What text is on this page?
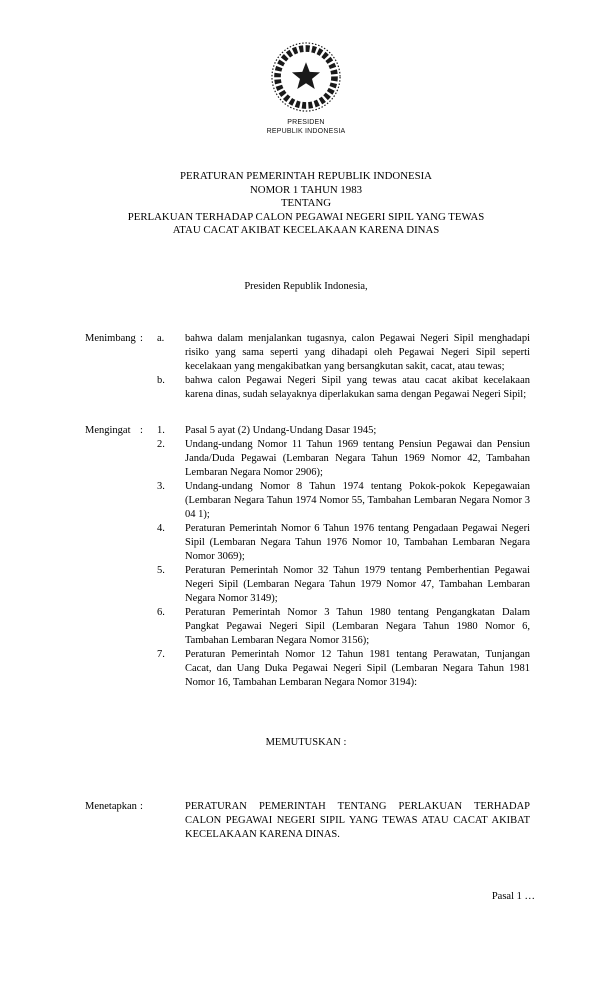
PRESIDEN
REPUBLIK INDONESIA
PERATURAN PEMERINTAH REPUBLIK INDONESIA
NOMOR 1 TAHUN 1983
TENTANG
PERLAKUAN TERHADAP CALON PEGAWAI NEGERI SIPIL YANG TEWAS
ATAU CACAT AKIBAT KECELAKAAN KARENA DINAS
Presiden Republik Indonesia,
Menimbang :	a.	bahwa dalam menjalankan tugasnya, calon Pegawai Negeri Sipil menghadapi risiko yang sama seperti yang dihadapi oleh Pegawai Negeri Sipil seperti kecelakaan yang mengakibatkan yang bersangkutan sakit, cacat, atau tewas;
b.	bahwa calon Pegawai Negeri Sipil yang tewas atau cacat akibat kecelakaan karena dinas, sudah selayaknya diperlakukan sama dengan Pegawai Negeri Sipil;
Mengingat :	1.	Pasal 5 ayat (2) Undang-Undang Dasar 1945;
2.	Undang-undang Nomor 11 Tahun 1969 tentang Pensiun Pegawai dan Pensiun Janda/Duda Pegawai (Lembaran Negara Tahun 1969 Nomor 42, Tambahan Lembaran Negara Nomor 2906);
3.	Undang-undang Nomor 8 Tahun 1974 tentang Pokok-pokok Kepegawaian (Lembaran Negara Tahun 1974 Nomor 55, Tambahan Lembaran Negara Nomor 3 04 1);
4.	Peraturan Pemerintah Nomor 6 Tahun 1976 tentang Pengadaan Pegawai Negeri Sipil (Lembaran Negara Tahun 1976 Nomor 10, Tambahan Lembaran Negara Nomor 3069);
5.	Peraturan Pemerintah Nomor 32 Tahun 1979 tentang Pemberhentian Pegawai Negeri Sipil (Lembaran Negara Tahun 1979 Nomor 47, Tambahan Lembaran Negara Nomor 3149);
6.	Peraturan Pemerintah Nomor 3 Tahun 1980 tentang Pengangkatan Dalam Pangkat Pegawai Negeri Sipil (Lembaran Negara Tahun 1980 Nomor 6, Tambahan Lembaran Negara Nomor 3156);
7.	Peraturan Pemerintah Nomor 12 Tahun 1981 tentang Perawatan, Tunjangan Cacat, dan Uang Duka Pegawai Negeri Sipil (Lembaran Negara Tahun 1981 Nomor 16, Tambahan Lembaran Negara Nomor 3194):
MEMUTUSKAN :
Menetapkan :	PERATURAN PEMERINTAH TENTANG PERLAKUAN TERHADAP CALON PEGAWAI NEGERI SIPIL YANG TEWAS ATAU CACAT AKIBAT KECELAKAAN KARENA DINAS.
Pasal 1 …
